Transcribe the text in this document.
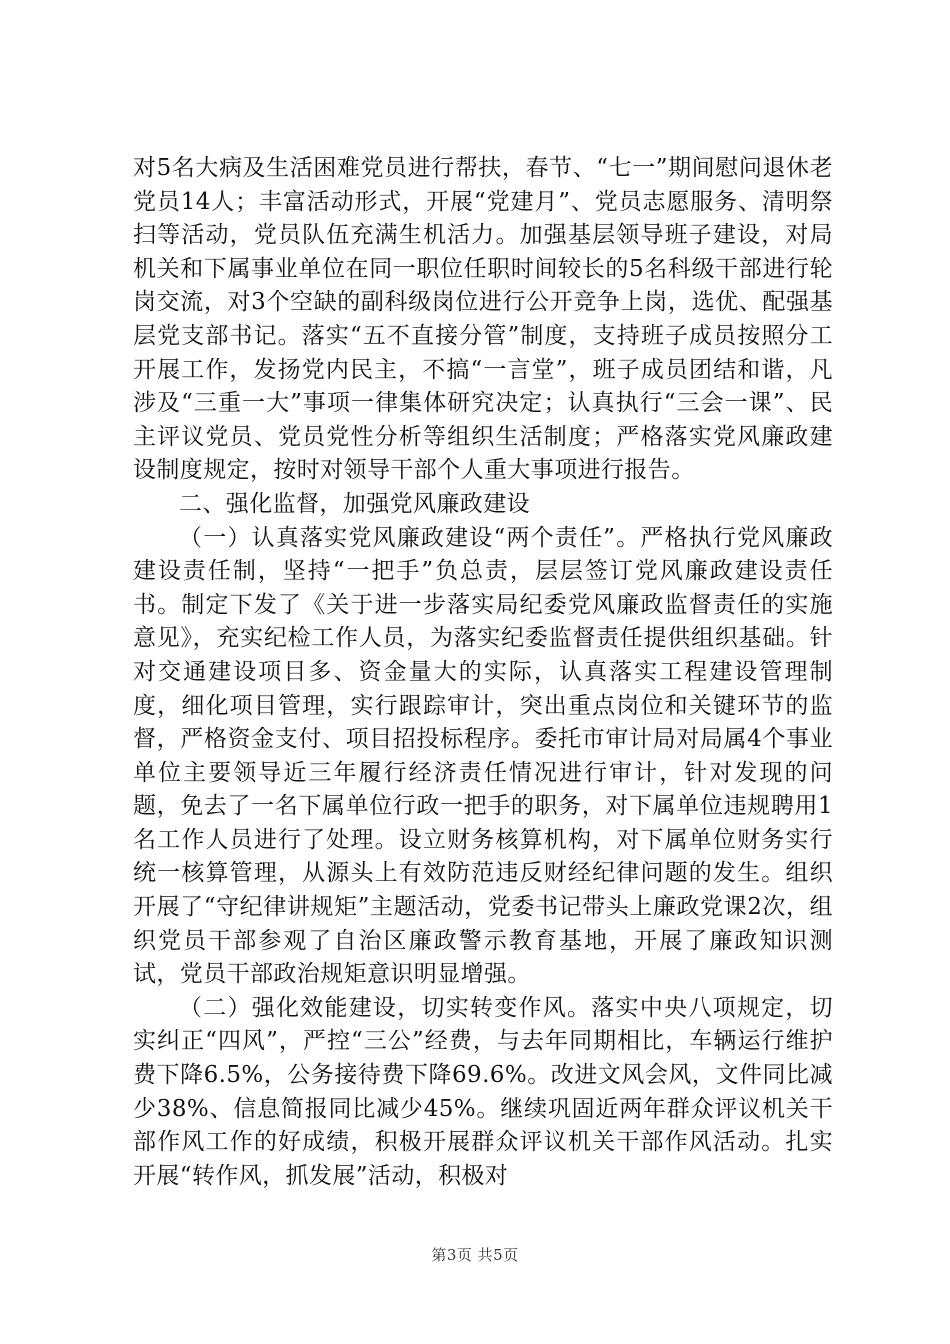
对5名大病及生活困难党员进行帮扶，春节、“七一”期间慰问退休老党员14人；丰富活动形式，开展“党建月”、党员志愿服务、清明祭扫等活动，党员队伍充满生机活力。加强基层领导班子建设，对局机关和下属事业单位在同一职位任职时间较长的5名科级干部进行轮岗交流，对3个空缺的副科级岗位进行公开竞争上岗，选优、配强基层党支部书记。落实“五不直接分管”制度，支持班子成员按照分工开展工作，发扬党内民主，不搞“一言堂”，班子成员团结和谐，凡涉及“三重一大”事项一律集体研究决定；认真执行“三会一课”、民主评议党员、党员党性分析等组织生活制度；严格落实党风廉政建设制度规定，按时对领导干部个人重大事项进行报告。

二、强化监督，加强党风廉政建设

（一）认真落实党风廉政建设“两个责任”。严格执行党风廉政建设责任制，坚持“一把手”负总责，层层签订党风廉政建设责任书。制定下发了《关于进一步落实局纪委党风廉政监督责任的实施意见》，充实纪检工作人员，为落实纪委监督责任提供组织基础。针对交通建设项目多、资金量大的实际，认真落实工程建设管理制度，细化项目管理，实行跟踪审计，突出重点岗位和关键环节的监督，严格资金支付、项目招投标程序。委托市审计局对局属4个事业单位主要领导近三年履行经济责任情况进行审计，针对发现的问题，免去了一名下属单位行政一把手的职务，对下属单位违规聘用1名工作人员进行了处理。设立财务核算机构，对下属单位财务实行统一核算管理，从源头上有效防范违反财经纪律问题的发生。组织开展了“守纪律讲规矩”主题活动，党委书记带头上廉政党课2次，组织党员干部参观了自治区廉政警示教育基地，开展了廉政知识测试，党员干部政治规矩意识明显增强。

（二）强化效能建设，切实转变作风。落实中央八项规定，切实纠正“四风”，严控“三公”经费，与去年同期相比，车辆运行维护费下降6.5%，公务接待费下降69.6%。改进文风会风，文件同比减少38%、信息简报同比减少45%。继续巩固近两年群众评议机关干部作风工作的好成绩，积极开展群众评议机关干部作风活动。扎实开展“转作风，抓发展”活动，积极对

第3页 共5页
